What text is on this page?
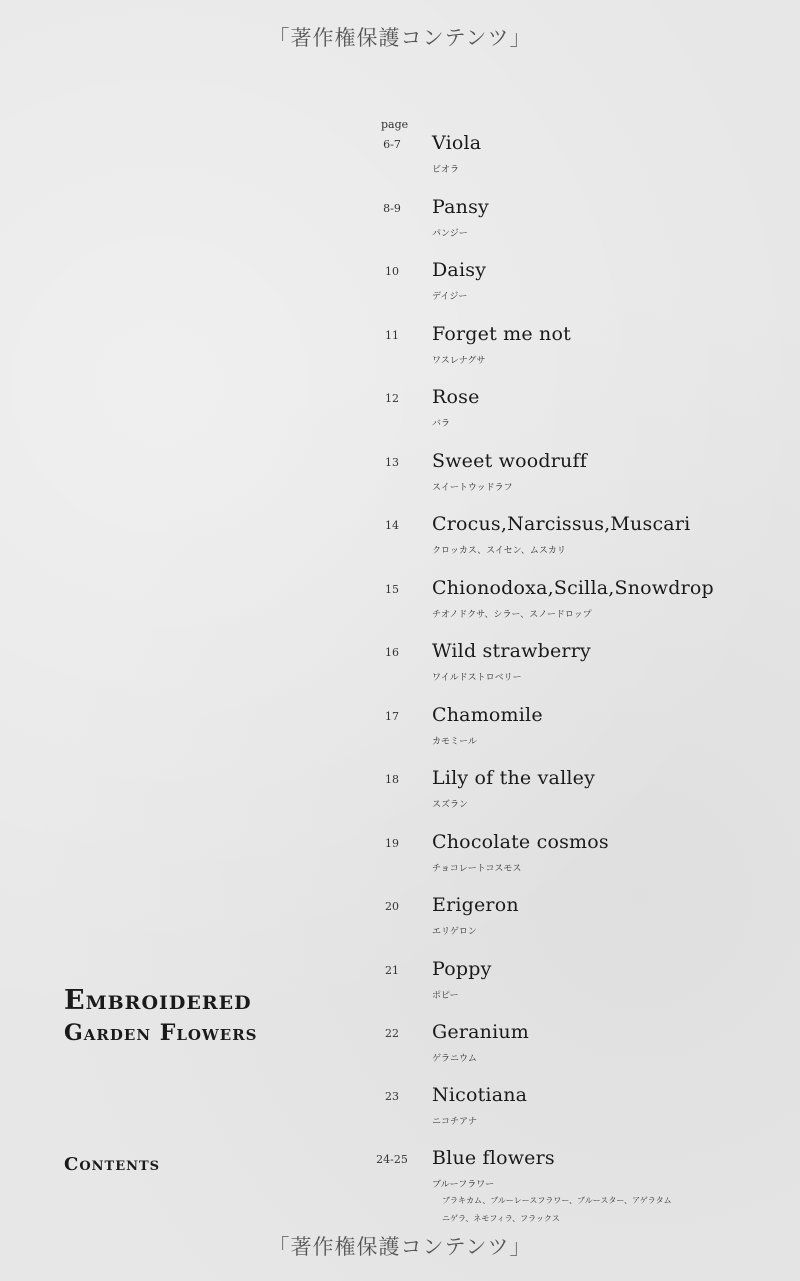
「著作権保護コンテンツ」
page
6-7	Viola
ビオラ
8-9	Pansy
パンジー
10	Daisy
デイジー
11	Forget me not
ワスレナグサ
12	Rose
バラ
13	Sweet woodruff
スイートウッドラフ
14	Crocus,Narcissus,Muscari
クロッカス、スイセン、ムスカリ
15	Chionodoxa,Scilla,Snowdrop
チオノドクサ、シラー、スノードロップ
16	Wild strawberry
ワイルドストロベリー
17	Chamomile
カモミール
18	Lily of the valley
スズラン
19	Chocolate cosmos
チョコレートコスモス
20	Erigeron
エリゲロン
21	Poppy
ポピー
22	Geranium
ゲラニウム
23	Nicotiana
ニコチアナ
24-25	Blue flowers
ブルーフラワー
ブラキカム、ブルーレースフラワー、ブルースター、アゲラタム
ニゲラ、ネモフィラ、フラックス
Embroidered
Garden Flowers
Contents
「著作権保護コンテンツ」
